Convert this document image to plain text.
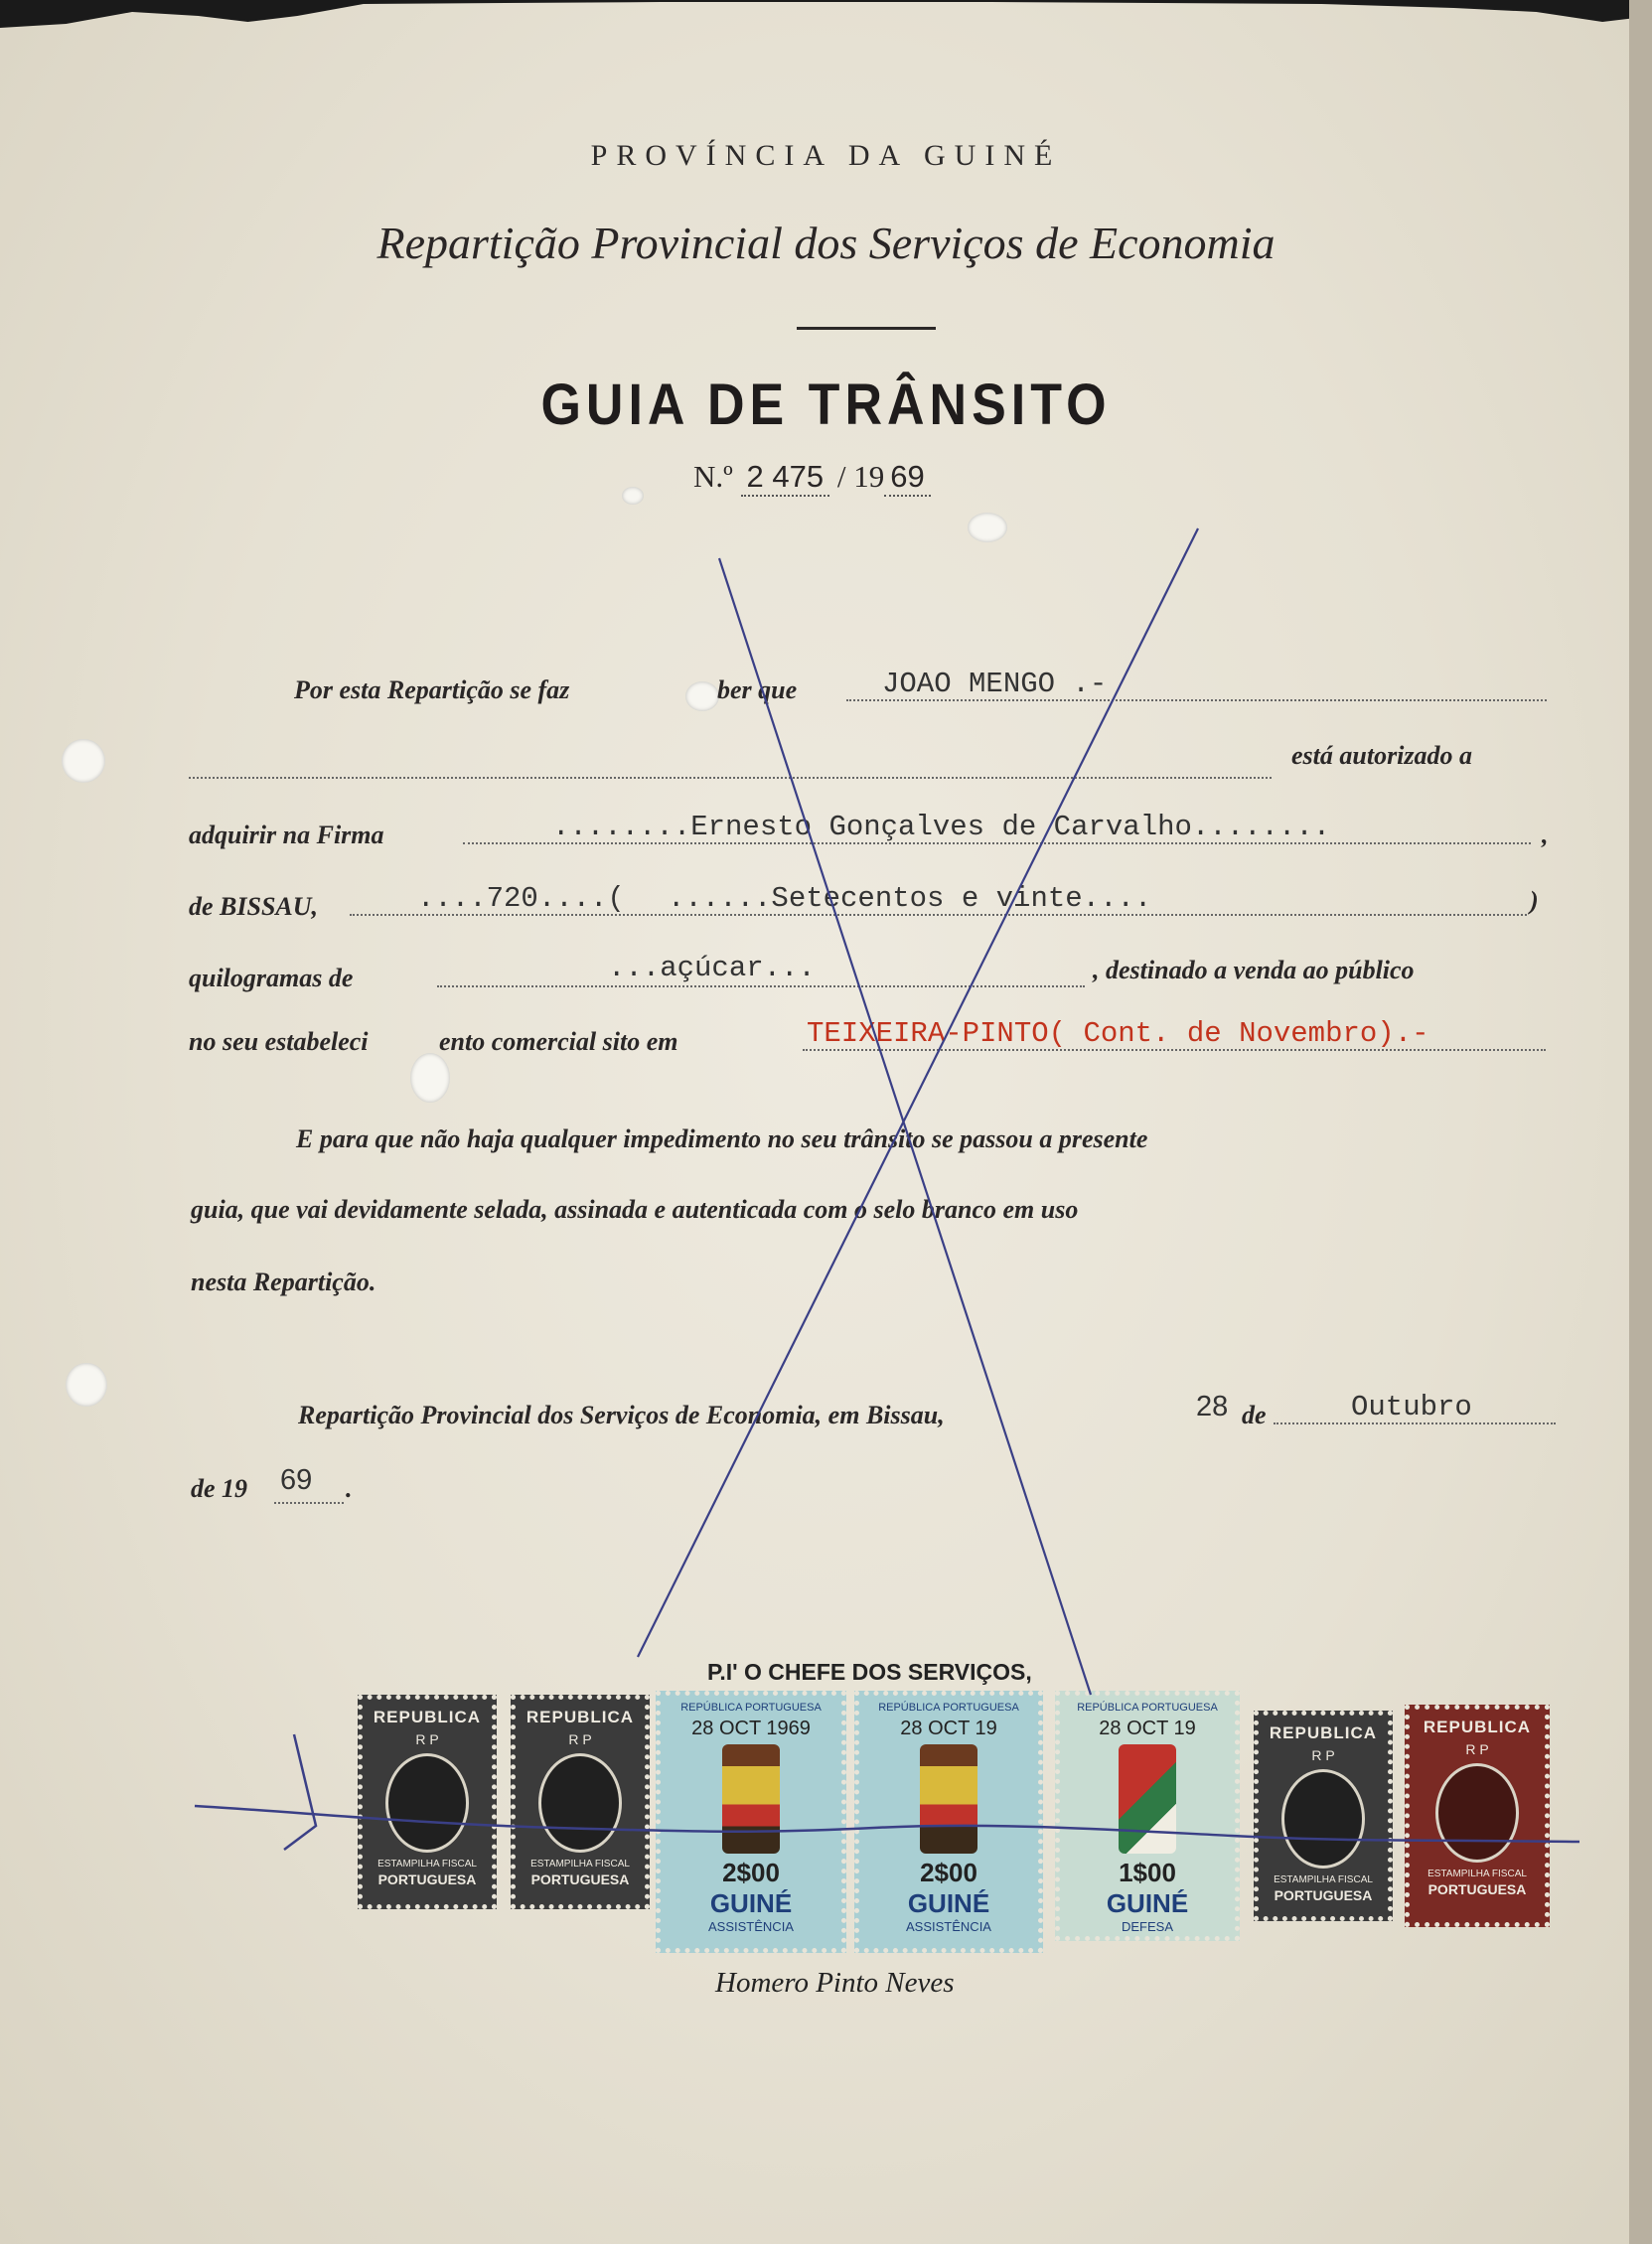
PROVÍNCIA DA GUINÉ
Repartição Provincial dos Serviços de Economia
GUIA DE TRÂNSITO
N.º 2 475 / 19 69
Por esta Repartição se faz	ber que	JOAO MENGO .-
está autorizado a
adquirir na Firma	........Ernesto Gonçalves de Carvalho........	,
de BISSAU,	....720....( ......Setecentos e vinte....	)
quilogramas de	...açúcar...	, destinado a venda ao público
no seu estabeleci	ento comercial sito em	TEIXEIRA-PINTO( Cont. de Novembro).-
E para que não haja qualquer impedimento no seu trânsito se passou a presente
guia, que vai devidamente selada, assinada e autenticada com o selo branco em uso
nesta Repartição.
Repartição Provincial dos Serviços de Economia, em Bissau,	28 de	Outubro
de 19 69 .
P.I' O CHEFE DOS SERVIÇOS,
REPUBLICA
R P
ESTAMPILHA FISCAL
PORTUGUESA
REPUBLICA
R P
ESTAMPILHA FISCAL
PORTUGUESA
REPÚBLICA PORTUGUESA
28 OCT 1969
2$00
GUINÉ
ASSISTÊNCIA
REPÚBLICA PORTUGUESA
28 OCT 19
2$00
GUINÉ
ASSISTÊNCIA
REPÚBLICA PORTUGUESA
28 OCT 19
1$00
GUINÉ
DEFESA
REPUBLICA
R P
ESTAMPILHA FISCAL
PORTUGUESA
REPUBLICA
R P
ESTAMPILHA FISCAL
PORTUGUESA
Homero Pinto Neves
